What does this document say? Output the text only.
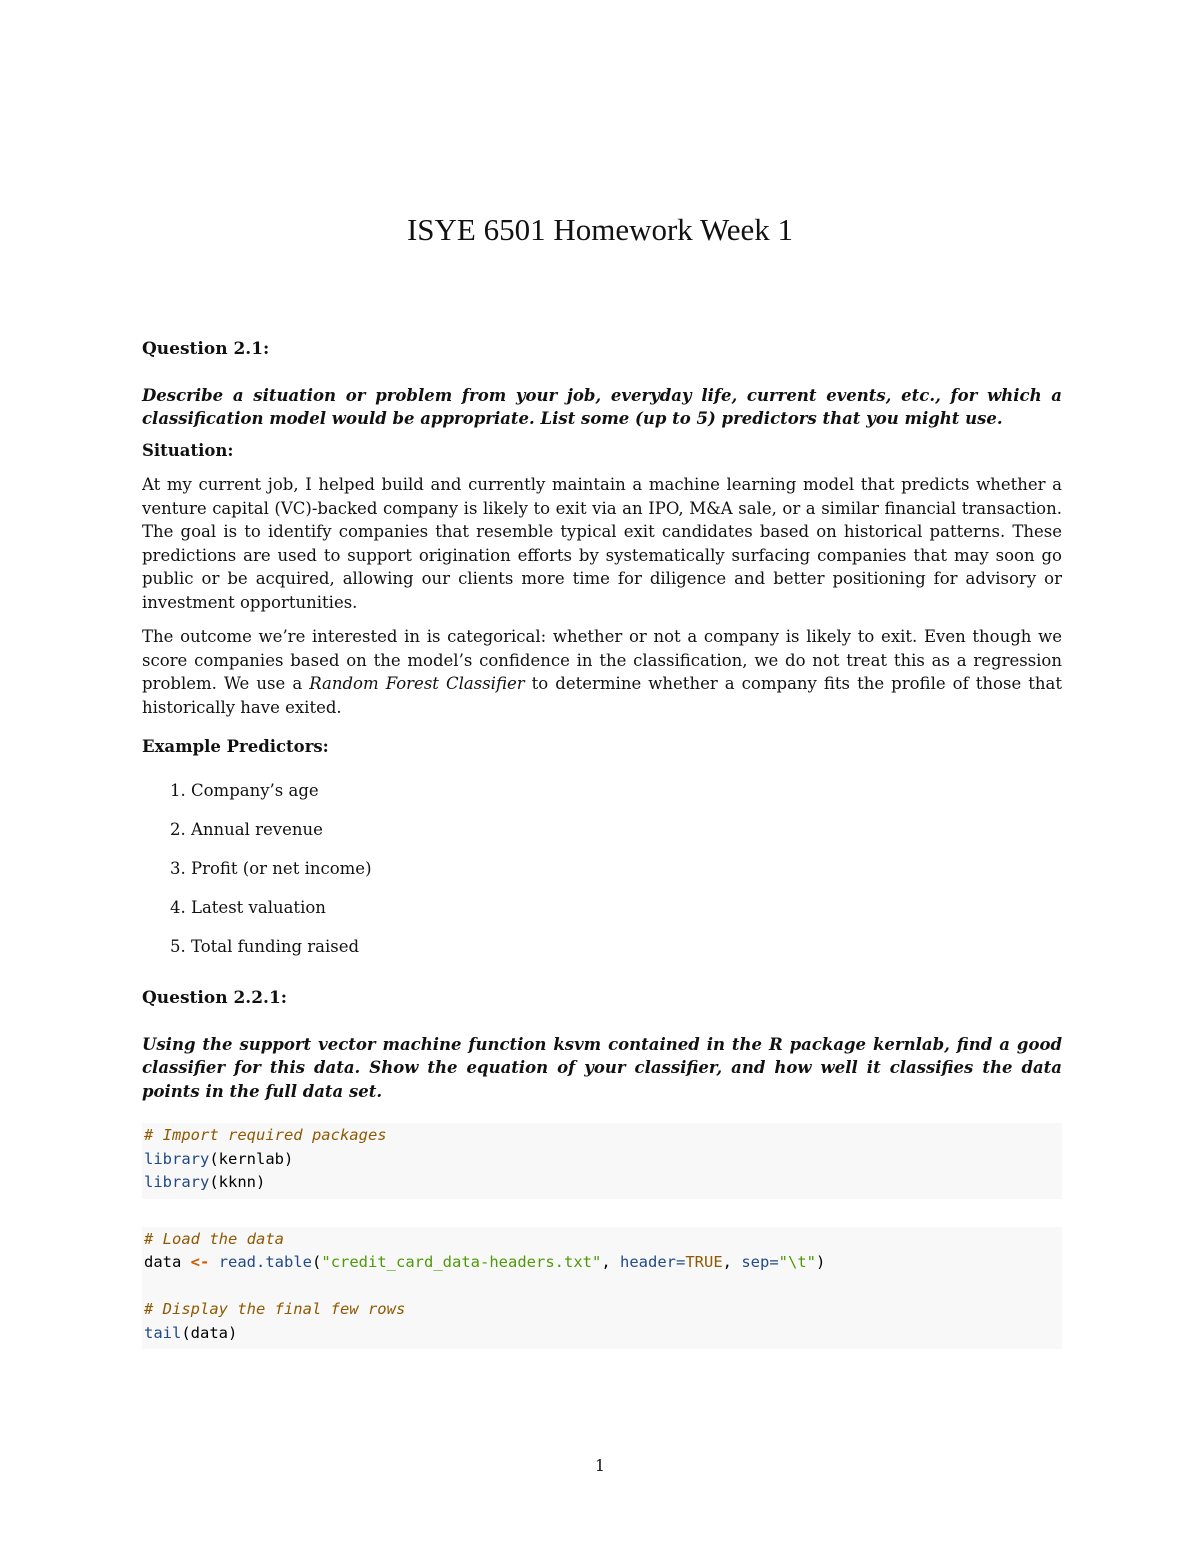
ISYE 6501 Homework Week 1
Question 2.1:

Describe a situation or problem from your job, everyday life, current events, etc., for which a classification model would be appropriate. List some (up to 5) predictors that you might use.

Situation:

At my current job, I helped build and currently maintain a machine learning model that predicts whether a venture capital (VC)-backed company is likely to exit via an IPO, M&A sale, or a similar financial transaction. The goal is to identify companies that resemble typical exit candidates based on historical patterns. These predictions are used to support origination efforts by systematically surfacing companies that may soon go public or be acquired, allowing our clients more time for diligence and better positioning for advisory or investment opportunities.

The outcome we’re interested in is categorical: whether or not a company is likely to exit. Even though we score companies based on the model’s confidence in the classification, we do not treat this as a regression problem. We use a Random Forest Classifier to determine whether a company fits the profile of those that historically have exited.

Example Predictors:
1. Company’s age
2. Annual revenue
3. Profit (or net income)
4. Latest valuation
5. Total funding raised
Question 2.2.1:

Using the support vector machine function ksvm contained in the R package kernlab, find a good classifier for this data. Show the equation of your classifier, and how well it classifies the data points in the full data set.

# Import required packages
library(kernlab)
library(kknn)
# Load the data
data <- read.table("credit_card_data-headers.txt", header=TRUE, sep="\t")

# Display the final few rows
tail(data)
1
